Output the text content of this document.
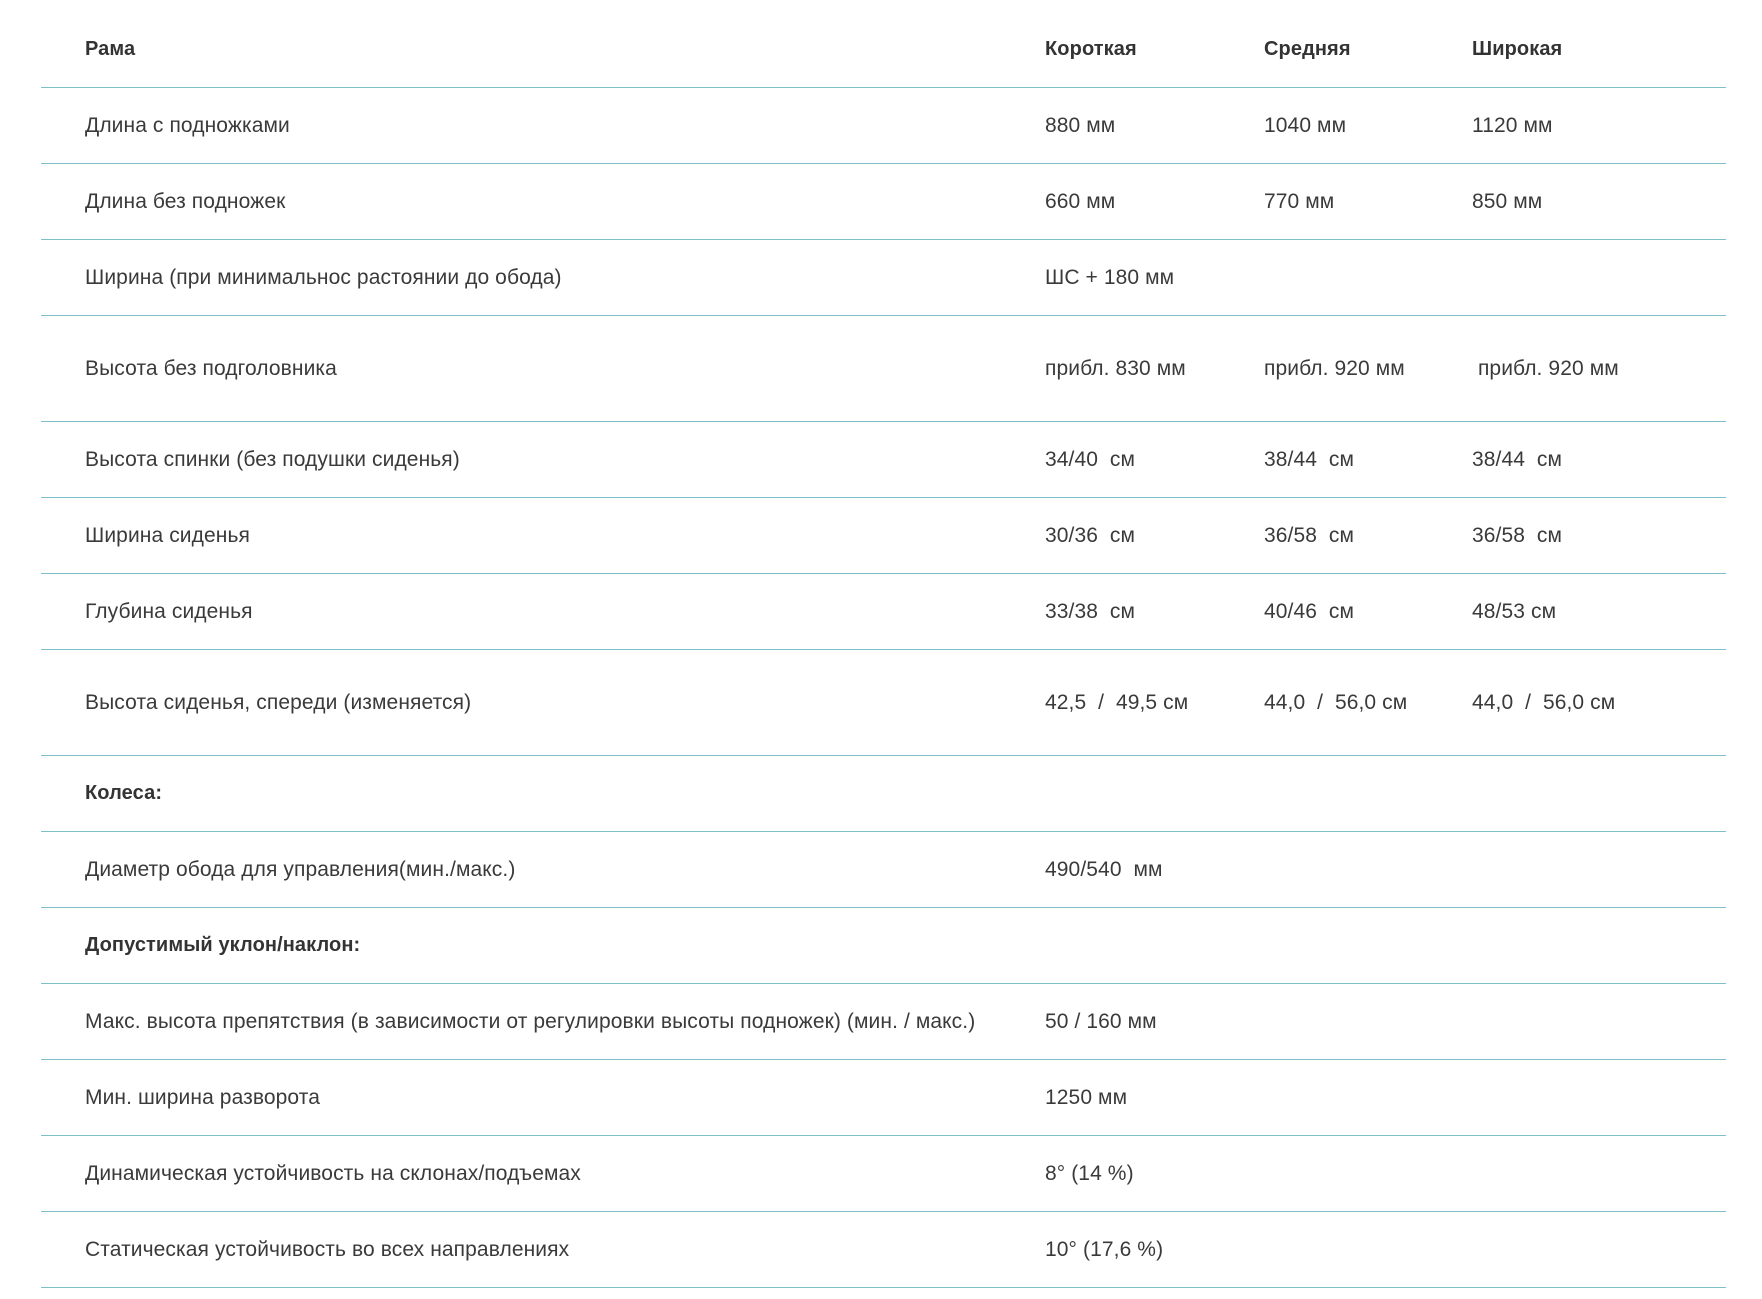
Рама	Короткая	Средняя	Широкая
Длина с подножками	880 мм	1040 мм	1120 мм
Длина без подножек	660 мм	770 мм	850 мм
Ширина (при минимальнос растоянии до обода)	ШС + 180 мм
Высота без подголовника	прибл. 830 мм	прибл. 920 мм	прибл. 920 мм
Высота спинки (без подушки сиденья)	34/40  см	38/44  см	38/44  см
Ширина сиденья	30/36  см	36/58  см	36/58  см
Глубина сиденья	33/38  см	40/46  см	48/53 см
Высота сиденья, спереди (изменяется)	42,5  /  49,5 см	44,0  /  56,0 см	44,0  /  56,0 см
Колеса:
Диаметр обода для управления(мин./макс.)	490/540  мм
Допустимый уклон/наклон:
Макс. высота препятствия (в зависимости от регулировки высоты подножек) (мин. / макс.)	50 / 160 мм
Мин. ширина разворота	1250 мм
Динамическая устойчивость на склонах/подъемах	8° (14 %)
Статическая устойчивость во всех направлениях	10° (17,6 %)
